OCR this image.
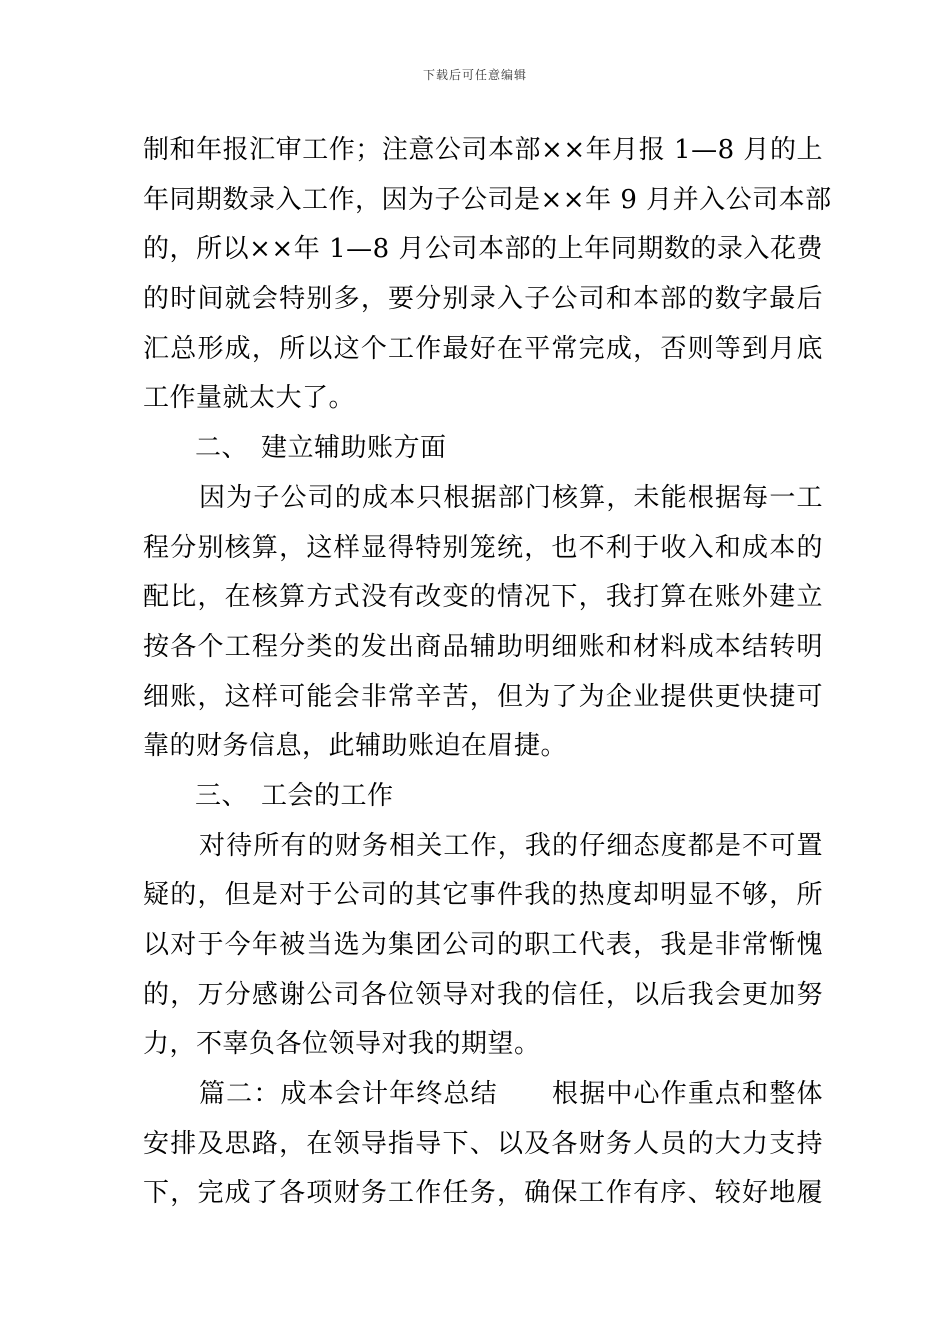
下载后可任意编辑
制和年报汇审工作；注意公司本部××年月报 1—8 月的上
年同期数录入工作，因为子公司是××年 9 月并入公司本部
的，所以××年 1—8 月公司本部的上年同期数的录入花费
的时间就会特别多，要分别录入子公司和本部的数字最后
汇总形成，所以这个工作最好在平常完成，否则等到月底
工作量就太大了。
二、 建立辅助账方面
因为子公司的成本只根据部门核算，未能根据每一工
程分别核算，这样显得特别笼统，也不利于收入和成本的
配比，在核算方式没有改变的情况下，我打算在账外建立
按各个工程分类的发出商品辅助明细账和材料成本结转明
细账，这样可能会非常辛苦，但为了为企业提供更快捷可
靠的财务信息，此辅助账迫在眉捷。
三、 工会的工作
对待所有的财务相关工作，我的仔细态度都是不可置
疑的，但是对于公司的其它事件我的热度却明显不够，所
以对于今年被当选为集团公司的职工代表，我是非常惭愧
的，万分感谢公司各位领导对我的信任，以后我会更加努
力，不辜负各位领导对我的期望。
篇二：成本会计年终总结　　根据中心作重点和整体
安排及思路，在领导指导下、以及各财务人员的大力支持
下，完成了各项财务工作任务，确保工作有序、较好地履
